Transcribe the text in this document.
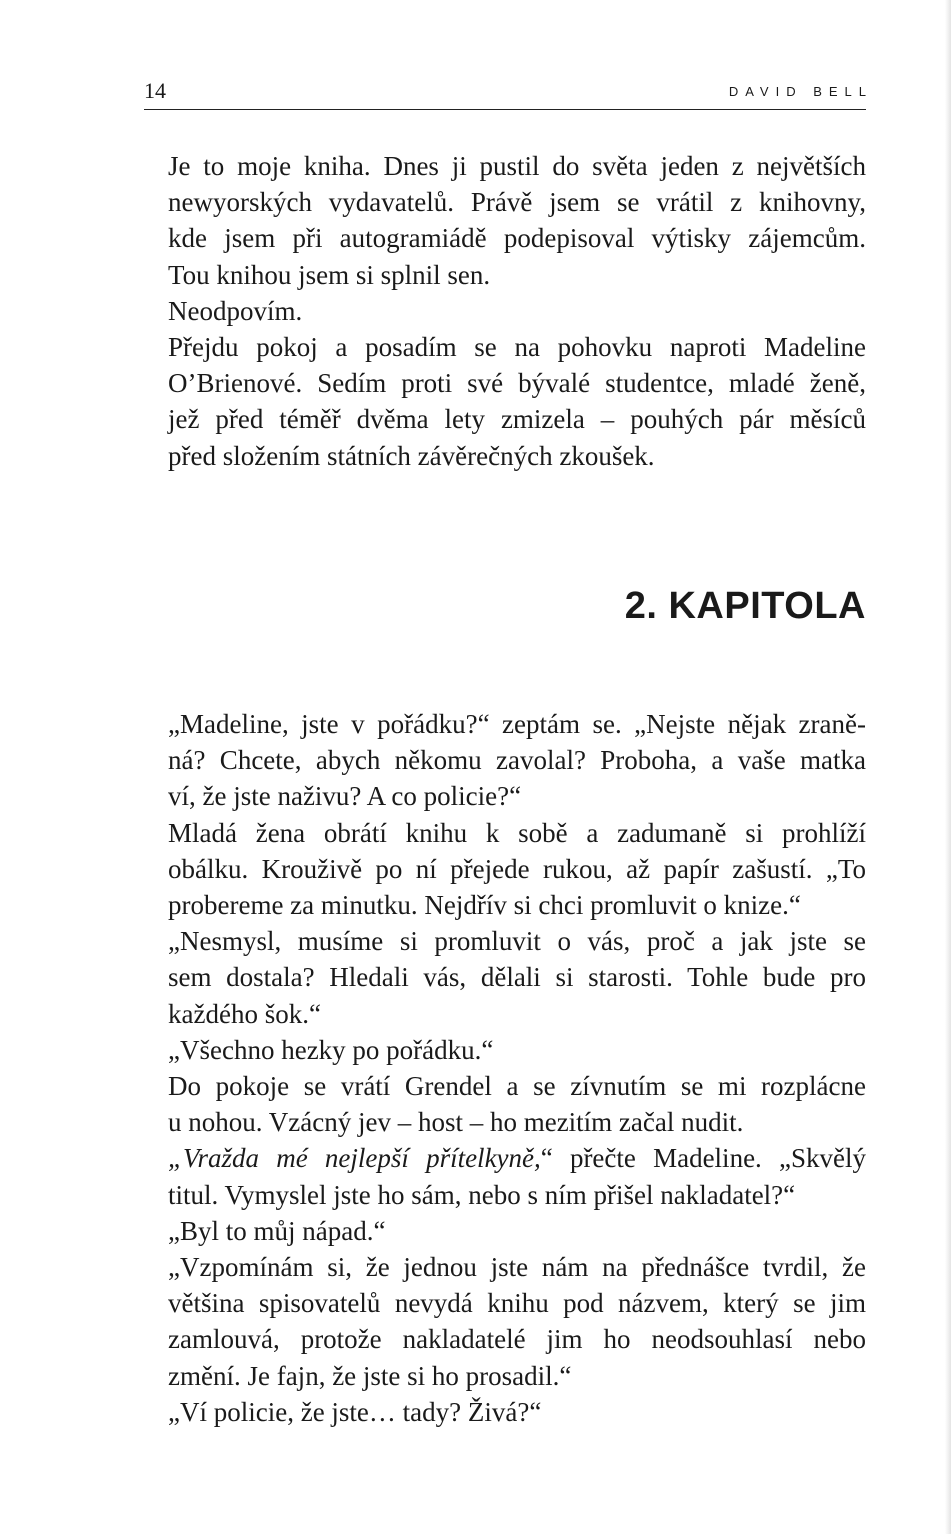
14	DAVID BELL

Je to moje kniha. Dnes ji pustil do světa jeden z největších
newyorských vydavatelů. Právě jsem se vrátil z knihovny,
kde jsem při autogramiádě podepisoval výtisky zájemcům.
Tou knihou jsem si splnil sen.

Neodpovím.

Přejdu pokoj a posadím se na pohovku naproti Madeline
O’Brienové. Sedím proti své bývalé studentce, mladé ženě,
jež před téměř dvěma lety zmizela – pouhých pár měsíců
před složením státních závěrečných zkoušek.

2. KAPITOLA

„Madeline, jste v pořádku?“ zeptám se. „Nejste nějak zraně-
ná? Chcete, abych někomu zavolal? Proboha, a vaše matka
ví, že jste naživu? A co policie?“

Mladá žena obrátí knihu k sobě a zadumaně si prohlíží
obálku. Krouživě po ní přejede rukou, až papír zašustí. „To
probereme za minutku. Nejdřív si chci promluvit o knize.“

„Nesmysl, musíme si promluvit o vás, proč a jak jste se
sem dostala? Hledali vás, dělali si starosti. Tohle bude pro
každého šok.“

„Všechno hezky po pořádku.“

Do pokoje se vrátí Grendel a se zívnutím se mi rozplácne
u nohou. Vzácný jev – host – ho mezitím začal nudit.

„Vražda mé nejlepší přítelkyně,“ přečte Madeline. „Skvělý
titul. Vymyslel jste ho sám, nebo s ním přišel nakladatel?“

„Byl to můj nápad.“

„Vzpomínám si, že jednou jste nám na přednášce tvrdil, že
většina spisovatelů nevydá knihu pod názvem, který se jim
zamlouvá, protože nakladatelé jim ho neodsouhlasí nebo
změní. Je fajn, že jste si ho prosadil.“

„Ví policie, že jste… tady? Živá?“
